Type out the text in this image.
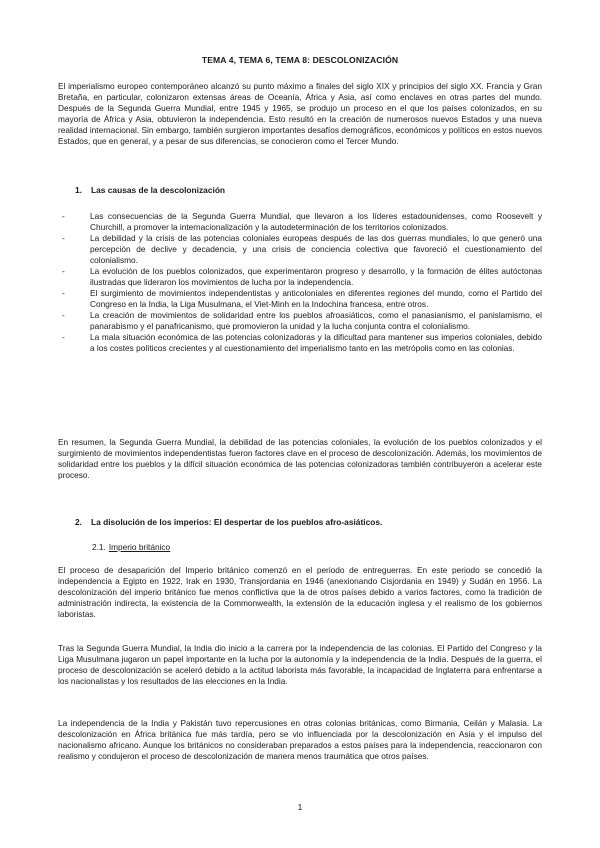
TEMA 4, TEMA 6, TEMA 8: DESCOLONIZACIÓN

El imperialismo europeo contemporáneo alcanzó su punto máximo a finales del siglo XIX y principios del siglo XX. Francia y Gran Bretaña, en particular, colonizaron extensas áreas de Oceanía, África y Asia, así como enclaves en otras partes del mundo. Después de la Segunda Guerra Mundial, entre 1945 y 1965, se produjo un proceso en el que los países colonizados, en su mayoría de África y Asia, obtuvieron la independencia. Esto resultó en la creación de numerosos nuevos Estados y una nueva realidad internacional. Sin embargo, también surgieron importantes desafíos demográficos, económicos y políticos en estos nuevos Estados, que en general, y a pesar de sus diferencias, se conocieron como el Tercer Mundo.

1. Las causas de la descolonización
-	Las consecuencias de la Segunda Guerra Mundial, que llevaron a los líderes estadounidenses, como Roosevelt y Churchill, a promover la internacionalización y la autodeterminación de los territorios colonizados.
-	La debilidad y la crisis de las potencias coloniales europeas después de las dos guerras mundiales, lo que generó una percepción de declive y decadencia, y una crisis de conciencia colectiva que favoreció el cuestionamiento del colonialismo.
-	La evolución de los pueblos colonizados, que experimentaron progreso y desarrollo, y la formación de élites autóctonas ilustradas que lideraron los movimientos de lucha por la independencia.
-	El surgimiento de movimientos independentistas y anticoloniales en diferentes regiones del mundo, como el Partido del Congreso en la India, la Liga Musulmana, el Viet-Minh en la Indochina francesa, entre otros.
-	La creación de movimientos de solidaridad entre los pueblos afroasiáticos, como el panasianismo, el panislamismo, el panarabismo y el panafricanismo, que promovieron la unidad y la lucha conjunta contra el colonialismo.
-	La mala situación económica de las potencias colonizadoras y la dificultad para mantener sus imperios coloniales, debido a los costes políticos crecientes y al cuestionamiento del imperialismo tanto en las metrópolis como en las colonias.

En resumen, la Segunda Guerra Mundial, la debilidad de las potencias coloniales, la evolución de los pueblos colonizados y el surgimiento de movimientos independentistas fueron factores clave en el proceso de descolonización. Además, los movimientos de solidaridad entre los pueblos y la difícil situación económica de las potencias colonizadoras también contribuyeron a acelerar este proceso.

2. La disolución de los imperios: El despertar de los pueblos afro-asiáticos.
2.1. Imperio británico

El proceso de desaparición del Imperio británico comenzó en el periodo de entreguerras. En este periodo se concedió la independencia a Egipto en 1922, Irak en 1930, Transjordania en 1946 (anexionando Cisjordania en 1949) y Sudán en 1956. La descolonización del imperio británico fue menos conflictiva que la de otros países debido a varios factores, como la tradición de administración indirecta, la existencia de la Commonwealth, la extensión de la educación inglesa y el realismo de los gobiernos laboristas.

Tras la Segunda Guerra Mundial, la India dio inicio a la carrera por la independencia de las colonias. El Partido del Congreso y la Liga Musulmana jugaron un papel importante en la lucha por la autonomía y la independencia de la India. Después de la guerra, el proceso de descolonización se aceleró debido a la actitud laborista más favorable, la incapacidad de Inglaterra para enfrentarse a los nacionalistas y los resultados de las elecciones en la India.

La independencia de la India y Pakistán tuvo repercusiones en otras colonias británicas, como Birmania, Ceilán y Malasia. La descolonización en África británica fue más tardía, pero se vio influenciada por la descolonización en Asia y el impulso del nacionalismo africano. Aunque los británicos no consideraban preparados a estos países para la independencia, reaccionaron con realismo y condujeron el proceso de descolonización de manera menos traumática que otros países.

1
